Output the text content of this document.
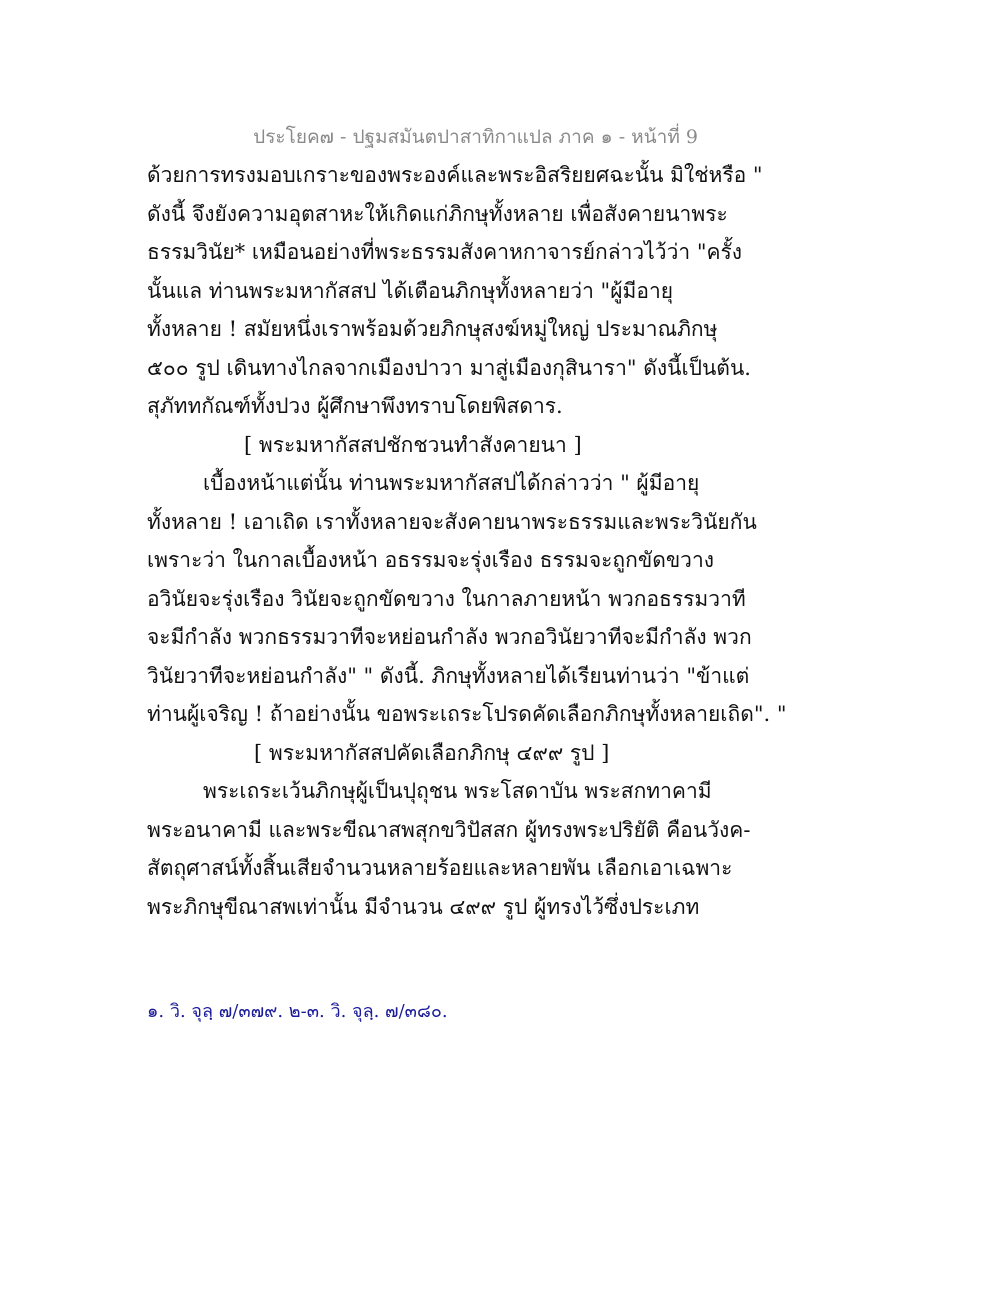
ประโยค๗ - ปฐมสมันตปาสาทิกาแปล ภาค ๑ - หน้าที่ 9
ด้วยการทรงมอบเกราะของพระองค์และพระอิสริยยศฉะนั้น มิใช่หรือ "
ดังนี้ จึงยังความอุตสาหะให้เกิดแก่ภิกษุทั้งหลาย เพื่อสังคายนาพระ
ธรรมวินัย* เหมือนอย่างที่พระธรรมสังคาหกาจารย์กล่าวไว้ว่า "ครั้ง
นั้นแล ท่านพระมหากัสสป ได้เตือนภิกษุทั้งหลายว่า "ผู้มีอายุ
ทั้งหลาย ! สมัยหนึ่งเราพร้อมด้วยภิกษุสงฆ์หมู่ใหญ่ ประมาณภิกษุ
๕๐๐ รูป เดินทางไกลจากเมืองปาวา มาสู่เมืองกุสินารา" ดังนี้เป็นต้น.
สุภัททกัณฑ์ทั้งปวง ผู้ศึกษาพึงทราบโดยพิสดาร.
[ พระมหากัสสปชักชวนทำสังคายนา ]
เบื้องหน้าแต่นั้น ท่านพระมหากัสสปได้กล่าวว่า " ผู้มีอายุ
ทั้งหลาย ! เอาเถิด เราทั้งหลายจะสังคายนาพระธรรมและพระวินัยกัน
เพราะว่า ในกาลเบื้องหน้า อธรรมจะรุ่งเรือง ธรรมจะถูกขัดขวาง
อวินัยจะรุ่งเรือง วินัยจะถูกขัดขวาง ในกาลภายหน้า พวกอธรรมวาที
จะมีกำลัง พวกธรรมวาทีจะหย่อนกำลัง พวกอวินัยวาทีจะมีกำลัง พวก
วินัยวาทีจะหย่อนกำลัง" " ดังนี้. ภิกษุทั้งหลายได้เรียนท่านว่า "ข้าแต่
ท่านผู้เจริญ ! ถ้าอย่างนั้น ขอพระเถระโปรดคัดเลือกภิกษุทั้งหลายเถิด". "
[ พระมหากัสสปคัดเลือกภิกษุ ๔๙๙ รูป ]
พระเถระเว้นภิกษุผู้เป็นปุถุชน พระโสดาบัน พระสกทาคามี
พระอนาคามี และพระขีณาสพสุกขวิปัสสก ผู้ทรงพระปริยัติ คือนวังค-
สัตถุศาสน์ทั้งสิ้นเสียจำนวนหลายร้อยและหลายพัน เลือกเอาเฉพาะ
พระภิกษุขีณาสพเท่านั้น มีจำนวน ๔๙๙ รูป ผู้ทรงไว้ซึ่งประเภท
๑. วิ. จุลฺ ๗/๓๗๙. ๒-๓. วิ. จุลฺ. ๗/๓๘๐.
